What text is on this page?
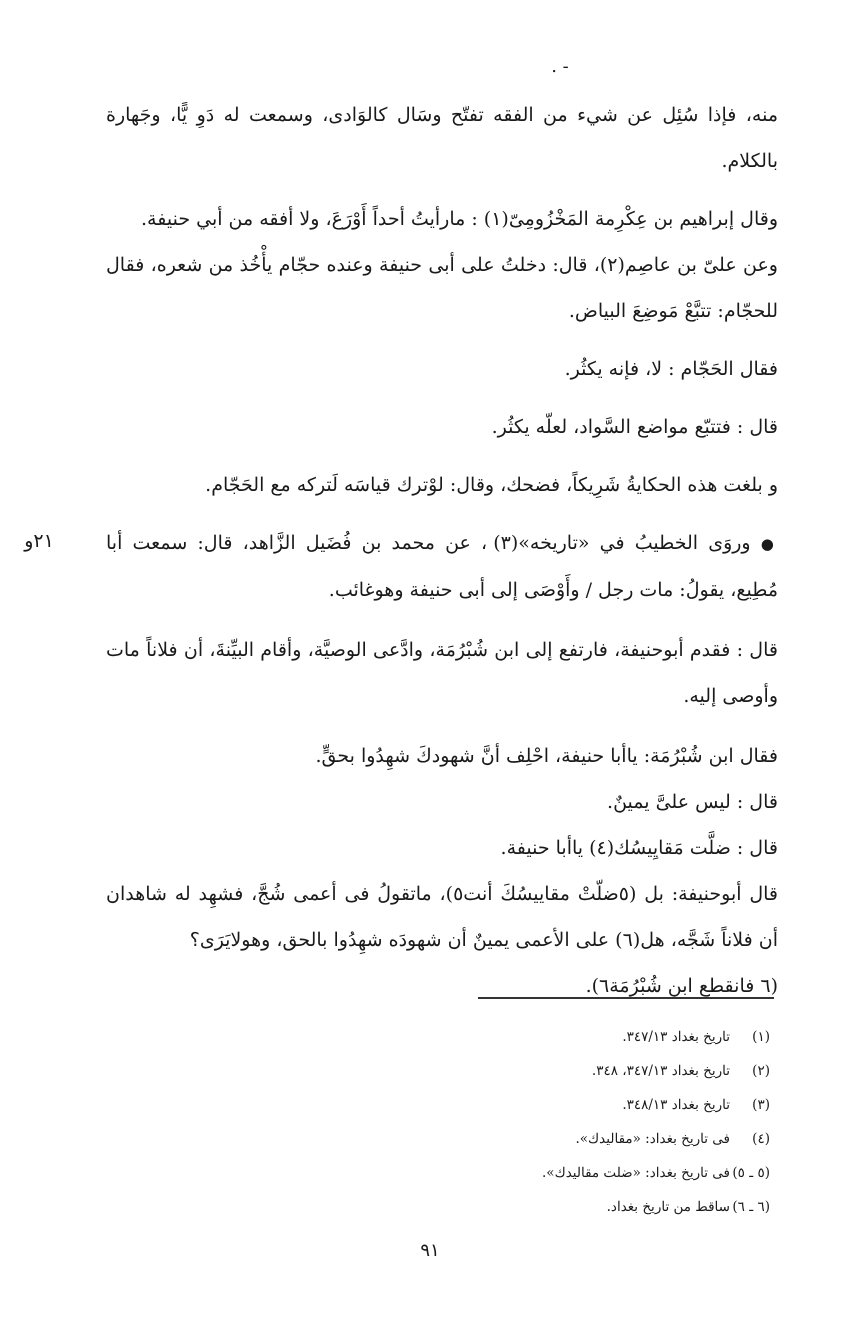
. -

منه، فإذا سُئِل عن شيء من الفقه تفتّح وسَال كالوَادى، وسمعت له دَوِ يًّا، وجَهارة بالكلام.

وقال إبراهيم بن عِكْرِمة المَخْزُومِىّ(١) : مارأيتُ أحداً أَوْرَعَ، ولا أفقه من أبي حنيفة.

وعن علىّ بن عاصِم(٢)، قال: دخلتُ على أبى حنيفة وعنده حجّام يأْخُذ من شعره، فقال للحجّام: تتبَّعْ مَوضِعَ البياض.

فقال الحَجّام : لا، فإنه يكثُر.

قال : فتتبّع مواضع السَّواد، لعلّه يكثُر.

و بلغت هذه الحكايةُ شَرِيكاً، فضحك، وقال: لوْترك قياسَه لَتركه مع الحَجّام.

● وروَى الخطيبُ في «تاريخه»(٣) ، عن محمد بن فُضَيل الزَّاهد، قال: سمعت أبا مُطِيع، يقولُ: مات رجل / وأَوْصَى إلى أبى حنيفة وهوغائب.

قال : فقدم أبوحنيفة، فارتفع إلى ابن شُبْرُمَة، وادَّعى الوصيَّة، وأقام البيِّنةَ، أن فلاناً مات وأوصى إليه.

فقال ابن شُبْرُمَة: ياأبا حنيفة، احْلِف أنَّ شهودكَ شهِدُوا بحقٍّ.

قال : ليس علىَّ يمينٌ.

قال : ضلَّت مَقايِيسُك(٤) ياأبا حنيفة.

قال أبوحنيفة: بل (٥ضلّتْ مقاييسُكَ أنت٥)، ماتقولُ فى أعمى شُجَّ، فشهِد له شاهدان أن فلاناً شَجَّه، هل(٦) على الأعمى يمينٌ أن شهودَه شهِدُوا بالحق، وهولايَرَى؟

(٦ فانقطع ابن شُبْرُمَة٦).

٢١و
(١)
تاريخ بغداد ٣٤٧/١٣.
(٢)
تاريخ بغداد ٣٤٧/١٣، ٣٤٨.
(٣)
تاريخ بغداد ٣٤٨/١٣.
(٤)
فى تاريخ بغداد: «مقاليدك».
(٥ ـ ٥)
فى تاريخ بغداد: «ضلت مقاليدك».
(٦ ـ ٦)
ساقط من تاريخ بغداد.
٩١
